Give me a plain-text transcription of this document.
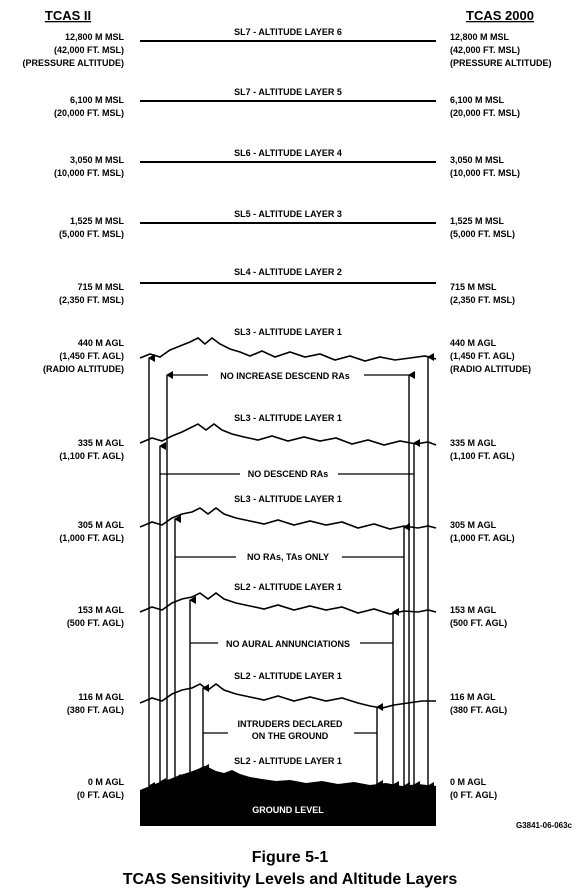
TCAS II	TCAS 2000
GROUND LEVEL
NO INCREASE DESCEND RAs
NO DESCEND RAs
NO RAs, TAs ONLY
NO AURAL ANNUNCIATIONS
INTRUDERS DECLARED
ON THE GROUND
SL7 - ALTITUDE LAYER 6
SL7 - ALTITUDE LAYER 5
SL6 - ALTITUDE LAYER 4
SL5 - ALTITUDE LAYER 3
SL4 - ALTITUDE LAYER 2
SL3 - ALTITUDE LAYER 1
SL3 - ALTITUDE LAYER 1
SL3 - ALTITUDE LAYER 1
SL2 - ALTITUDE LAYER 1
SL2 - ALTITUDE LAYER 1
SL2 - ALTITUDE LAYER 1
12,800 M MSL
(42,000 FT. MSL)
(PRESSURE ALTITUDE)
6,100 M MSL
(20,000 FT. MSL)
3,050 M MSL
(10,000 FT. MSL)
1,525 M MSL
(5,000 FT. MSL)
715 M MSL
(2,350 FT. MSL)
440 M AGL
(1,450 FT. AGL)
(RADIO ALTITUDE)
335 M AGL
(1,100 FT. AGL)
305 M AGL
(1,000 FT. AGL)
153 M AGL
(500 FT. AGL)
116 M AGL
(380 FT. AGL)
0 M AGL
(0 FT. AGL)
12,800 M MSL
(42,000 FT. MSL)
(PRESSURE ALTITUDE)
6,100 M MSL
(20,000 FT. MSL)
3,050 M MSL
(10,000 FT. MSL)
1,525 M MSL
(5,000 FT. MSL)
715 M MSL
(2,350 FT. MSL)
440 M AGL
(1,450 FT. AGL)
(RADIO ALTITUDE)
335 M AGL
(1,100 FT. AGL)
305 M AGL
(1,000 FT. AGL)
153 M AGL
(500 FT. AGL)
116 M AGL
(380 FT. AGL)
0 M AGL
(0 FT. AGL)
G3841-06-063c
Figure 5-1
TCAS Sensitivity Levels and Altitude Layers
